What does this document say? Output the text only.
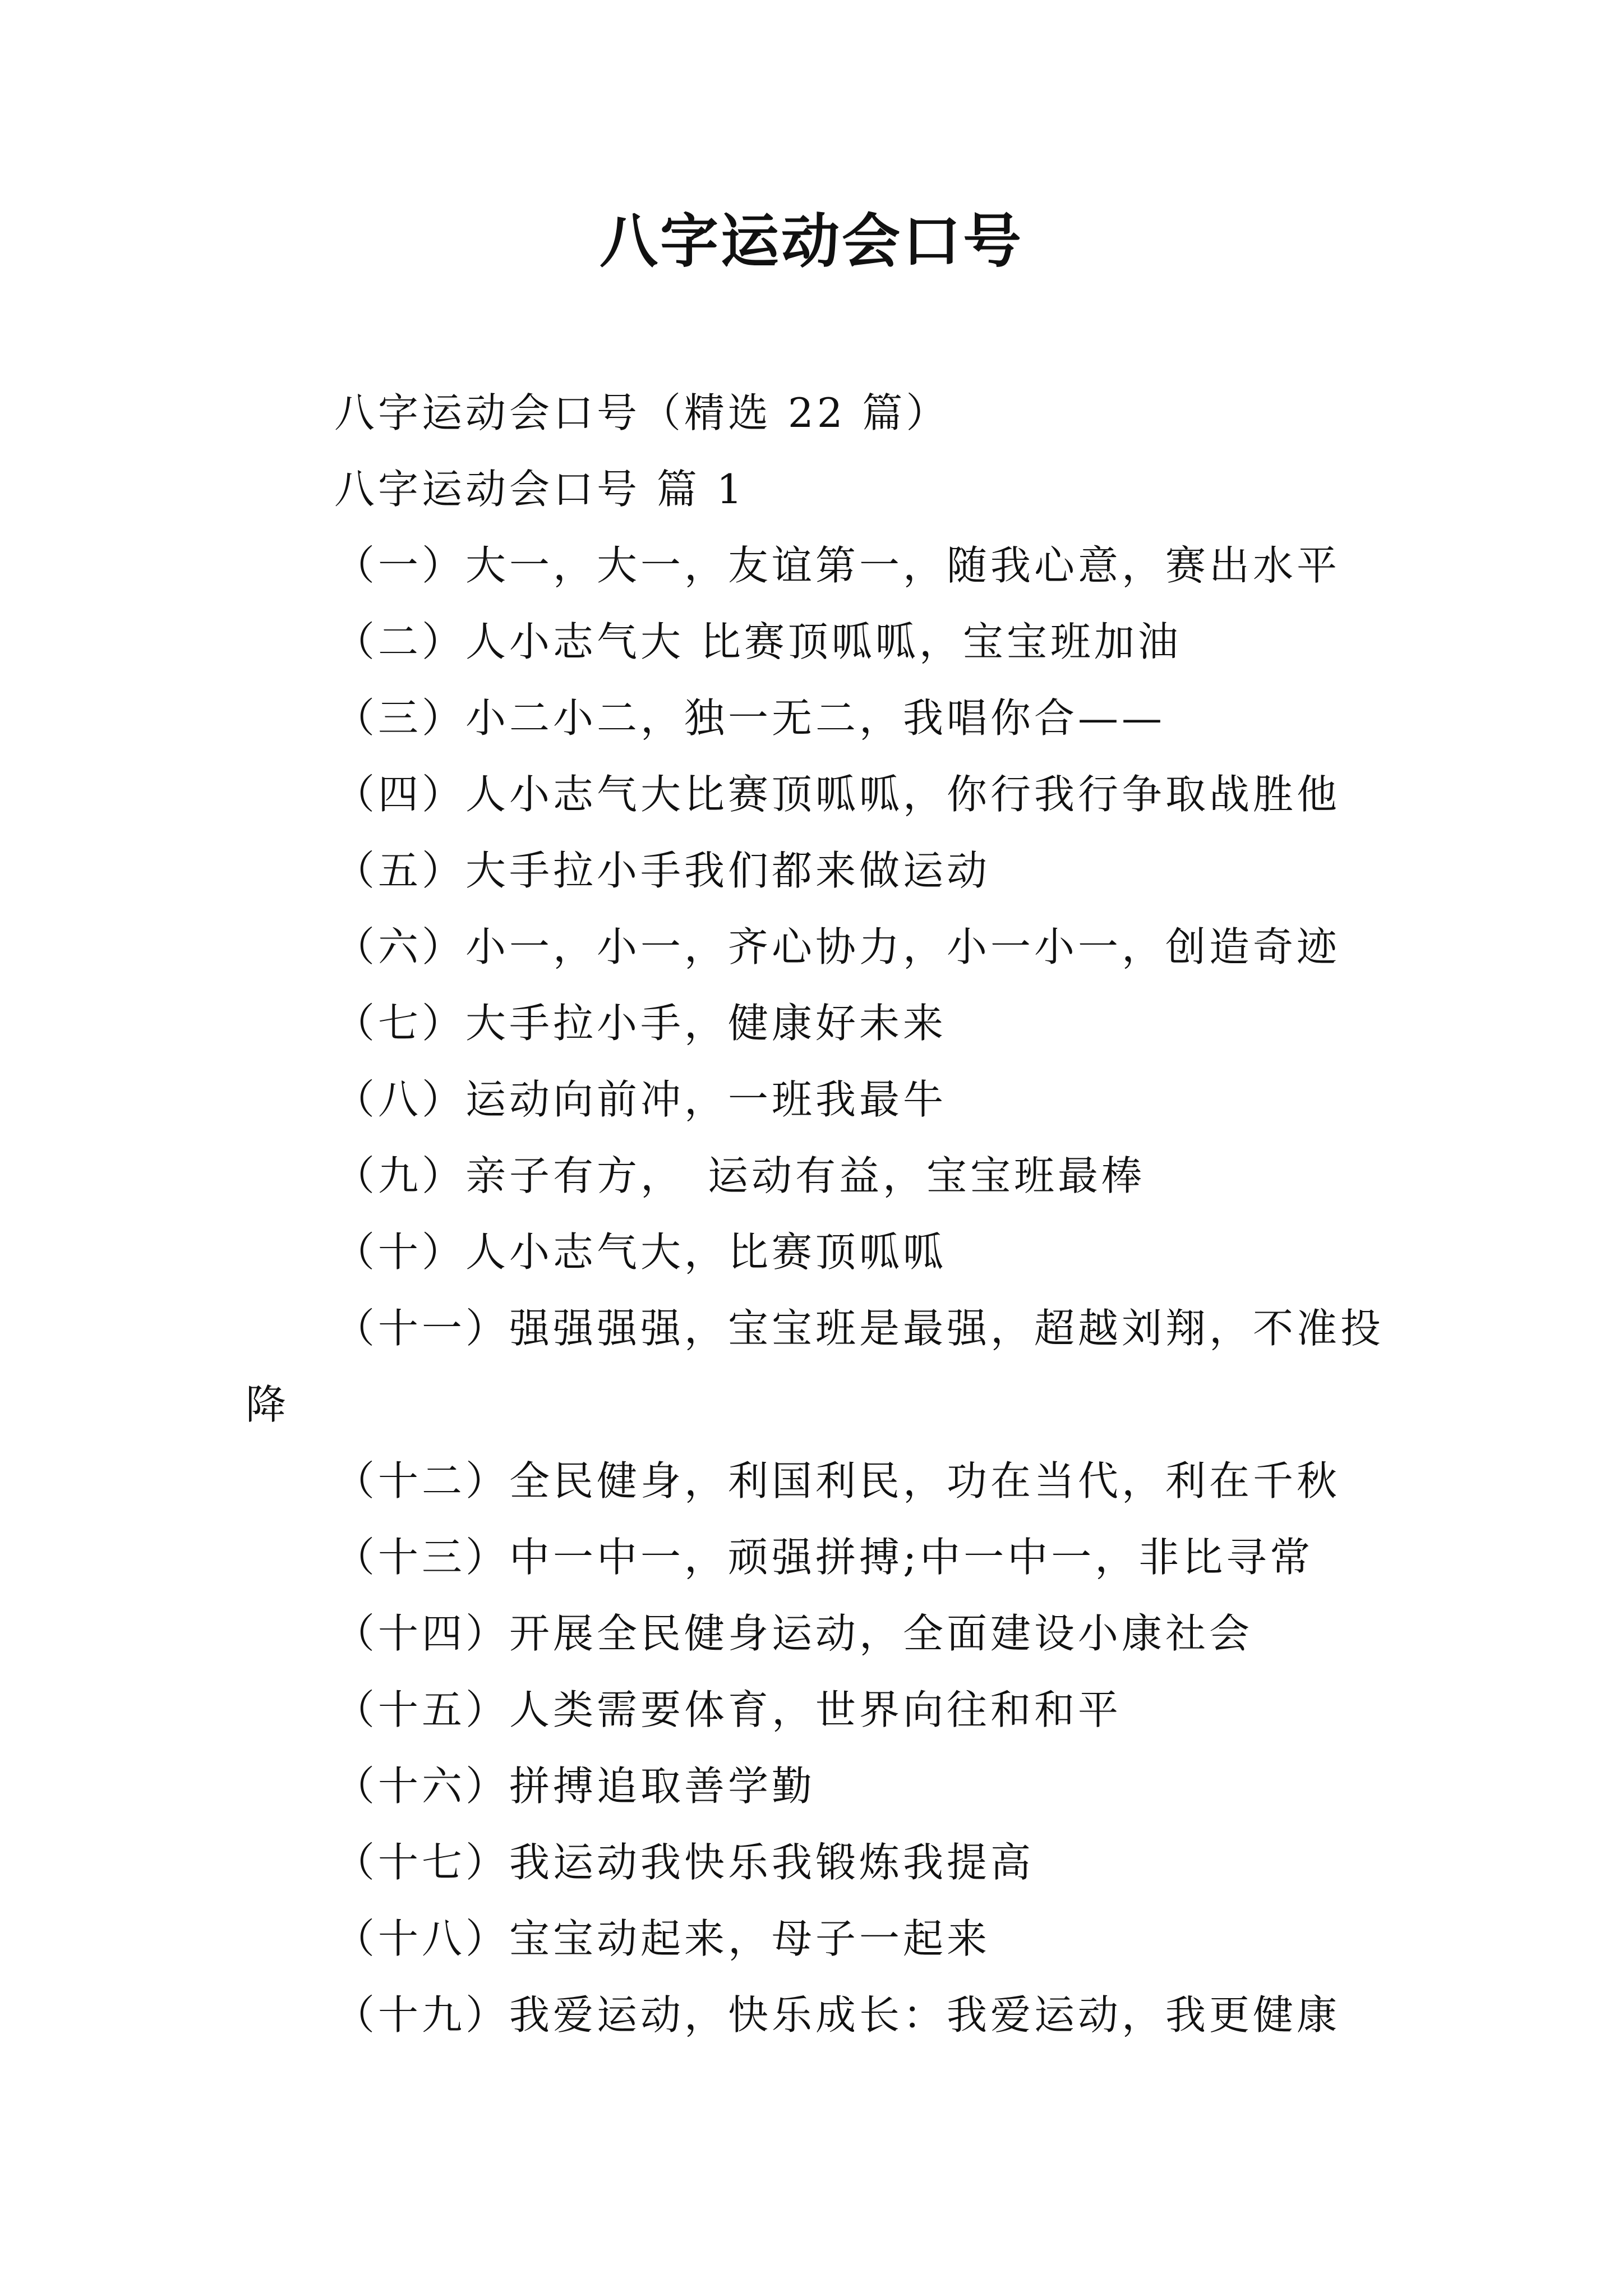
八字运动会口号

八字运动会口号（精选 22 篇）

八字运动会口号 篇 1

（一）大一，大一，友谊第一，随我心意，赛出水平

（二）人小志气大 比赛顶呱呱，宝宝班加油

（三）小二小二，独一无二，我唱你合——

（四）人小志气大比赛顶呱呱，你行我行争取战胜他

（五）大手拉小手我们都来做运动

（六）小一，小一，齐心协力，小一小一，创造奇迹

（七）大手拉小手，健康好未来

（八）运动向前冲，一班我最牛

（九）亲子有方，　运动有益，宝宝班最棒

（十）人小志气大，比赛顶呱呱

（十一）强强强强，宝宝班是最强，超越刘翔，不准投降

（十二）全民健身，利国利民，功在当代，利在千秋

（十三）中一中一，顽强拼搏;中一中一，非比寻常

（十四）开展全民健身运动，全面建设小康社会

（十五）人类需要体育，世界向往和和平

（十六）拼搏追取善学勤

（十七）我运动我快乐我锻炼我提高

（十八）宝宝动起来，母子一起来

（十九）我爱运动，快乐成长：我爱运动，我更健康
